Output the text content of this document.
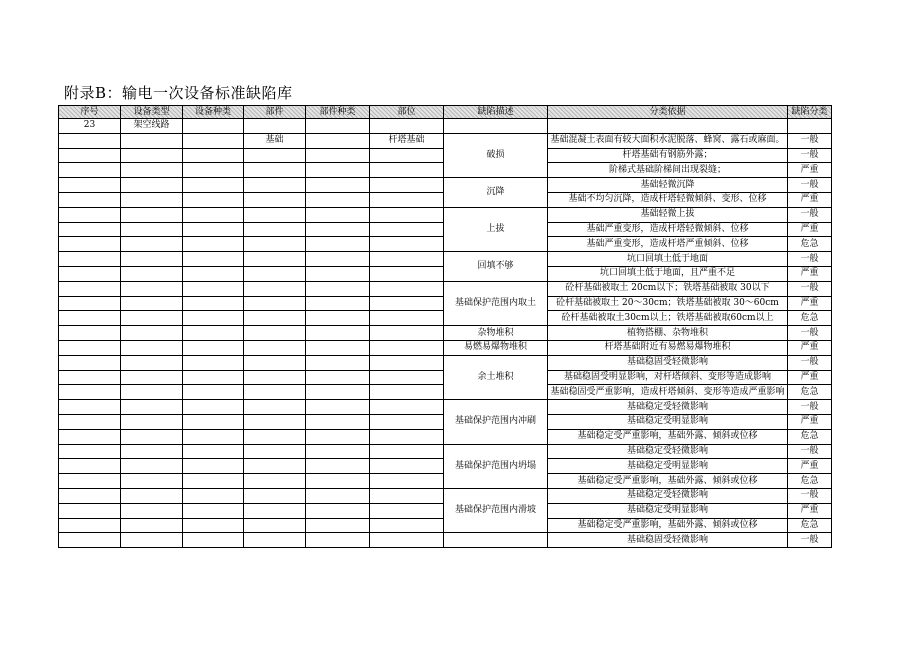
附录B：输电一次设备标准缺陷库
序号	设备类型	设备种类	部件	部件种类	部位	缺陷描述	分类依据	缺陷分类
23	架空线路							
			基础		杆塔基础	破损	基础混凝土表面有较大面积水泥脱落、蜂窝、露石或麻面。	一般
							杆塔基础有钢筋外露；	一般
							阶梯式基础阶梯间出现裂缝；	严重
						沉降	基础轻微沉降	一般
							基础不均匀沉降，造成杆塔轻微倾斜、变形、位移	严重
						上拔	基础轻微上拔	一般
							基础严重变形，造成杆塔轻微倾斜、位移	严重
							基础严重变形，造成杆塔严重倾斜、位移	危急
						回填不够	坑口回填土低于地面	一般
							坑口回填土低于地面，且严重不足	严重
						基础保护范围内取土	砼杆基础被取土 20cm以下；铁塔基础被取 30以下	一般
							砼杆基础被取土 20～30cm；铁塔基础被取 30～60cm	严重
							砼杆基础被取土30cm以上；铁塔基础被取60cm以上	危急
						杂物堆积	植物搭棚、杂物堆积	一般
						易燃易爆物堆积	杆塔基础附近有易燃易爆物堆积	严重
						余土堆积	基础稳固受轻微影响	一般
							基础稳固受明显影响，对杆塔倾斜、变形等造成影响	严重
							基础稳固受严重影响，造成杆塔倾斜、变形等造成严重影响	危急
						基础保护范围内冲刷	基础稳定受轻微影响	一般
							基础稳定受明显影响	严重
							基础稳定受严重影响，基础外露、倾斜或位移	危急
						基础保护范围内坍塌	基础稳定受轻微影响	一般
							基础稳定受明显影响	严重
							基础稳定受严重影响，基础外露、倾斜或位移	危急
						基础保护范围内滑坡	基础稳定受轻微影响	一般
							基础稳定受明显影响	严重
							基础稳定受严重影响，基础外露、倾斜或位移	危急
							基础稳固受轻微影响	一般
